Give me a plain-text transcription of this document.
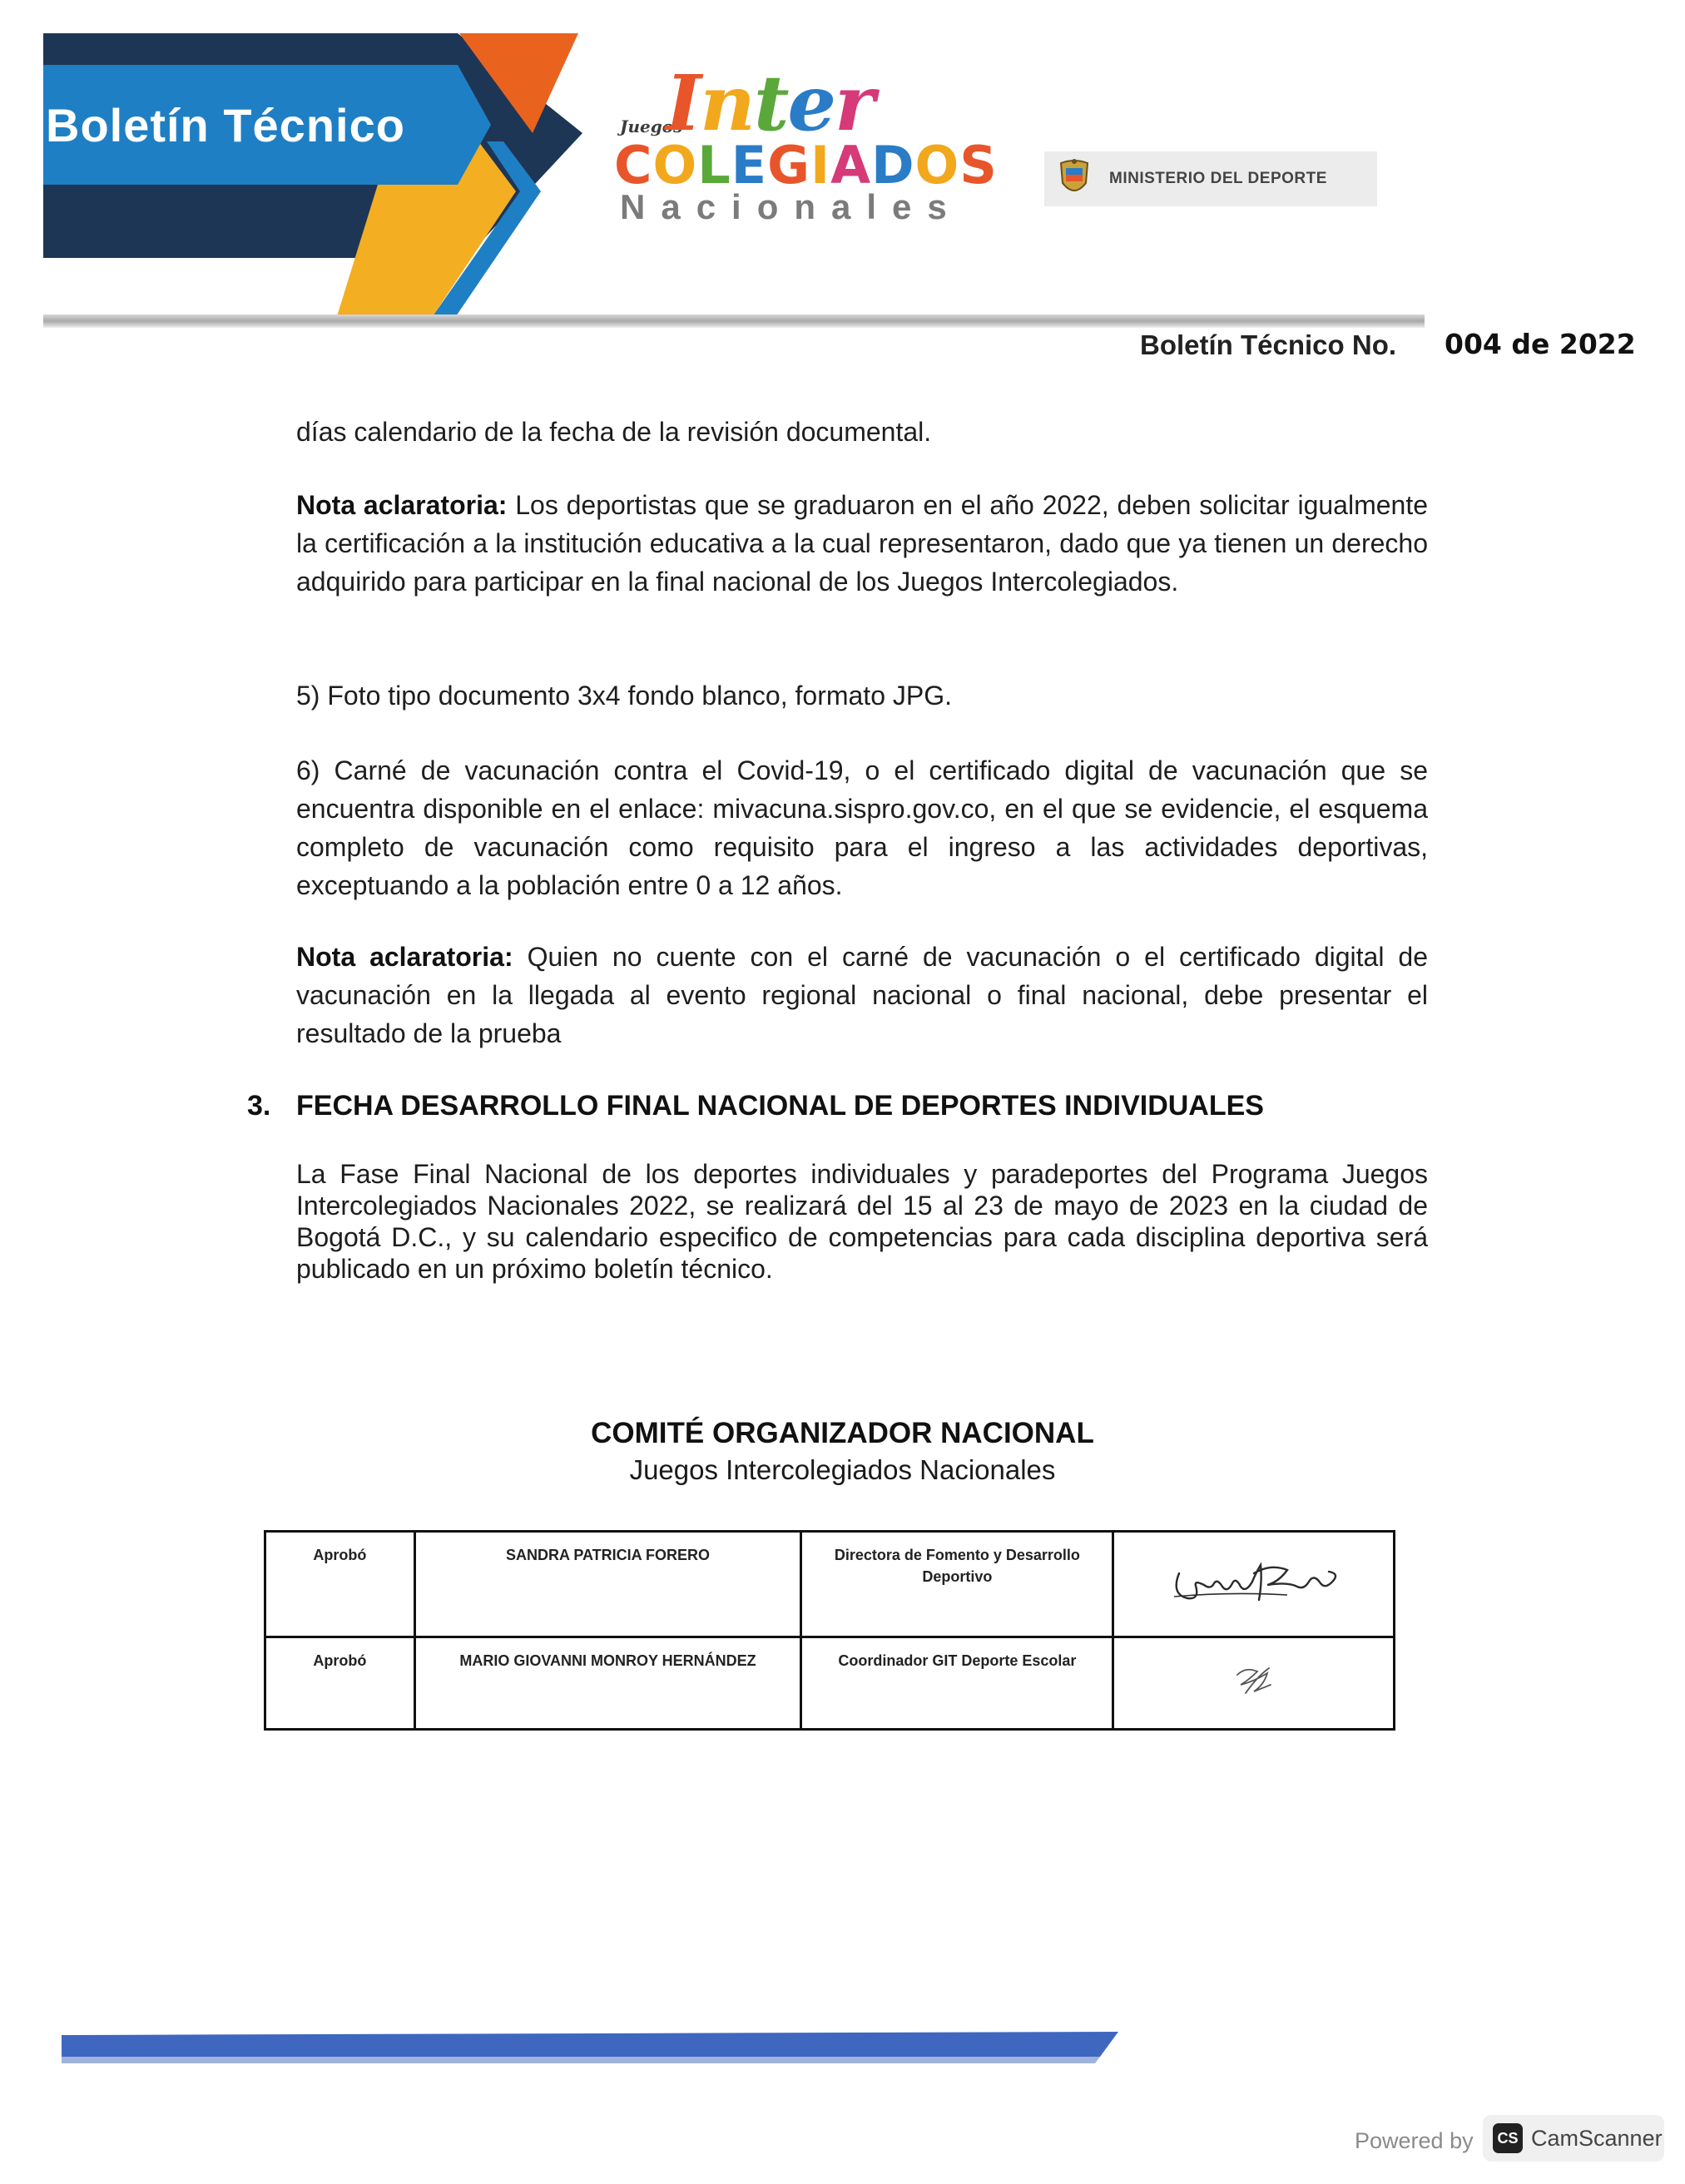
Boletín Técnico	Juegos
Inter
COLEGIADOS
Nacionales
MINISTERIO DEL DEPORTE
Boletín Técnico No. 004 de 2022

días calendario de la fecha de la revisión documental.

Nota aclaratoria: Los deportistas que se graduaron en el año 2022, deben solicitar igualmente la certificación a la institución educativa a la cual representaron, dado que ya tienen un derecho adquirido para participar en la final nacional de los Juegos Intercolegiados.

5) Foto tipo documento 3x4 fondo blanco, formato JPG.

6) Carné de vacunación contra el Covid-19, o el certificado digital de vacunación que se encuentra disponible en el enlace: mivacuna.sispro.gov.co, en el que se evidencie, el esquema completo de vacunación como requisito para el ingreso a las actividades deportivas, exceptuando a la población entre 0 a 12 años.

Nota aclaratoria: Quien no cuente con el carné de vacunación o el certificado digital de vacunación en la llegada al evento regional nacional o final nacional, debe presentar el resultado de la prueba

3. FECHA DESARROLLO FINAL NACIONAL DE DEPORTES INDIVIDUALES

La Fase Final Nacional de los deportes individuales y paradeportes del Programa Juegos Intercolegiados Nacionales 2022, se realizará del 15 al 23 de mayo de 2023 en la ciudad de Bogotá D.C., y su calendario especifico de competencias para cada disciplina deportiva será publicado en un próximo boletín técnico.

COMITÉ ORGANIZADOR NACIONAL
Juegos Intercolegiados Nacionales
Aprobó	SANDRA PATRICIA FORERO	Directora de Fomento y Desarrollo Deportivo	
Aprobó	MARIO GIOVANNI MONROY HERNÁNDEZ	Coordinador GIT Deporte Escolar	
Powered by	CS CamScanner
